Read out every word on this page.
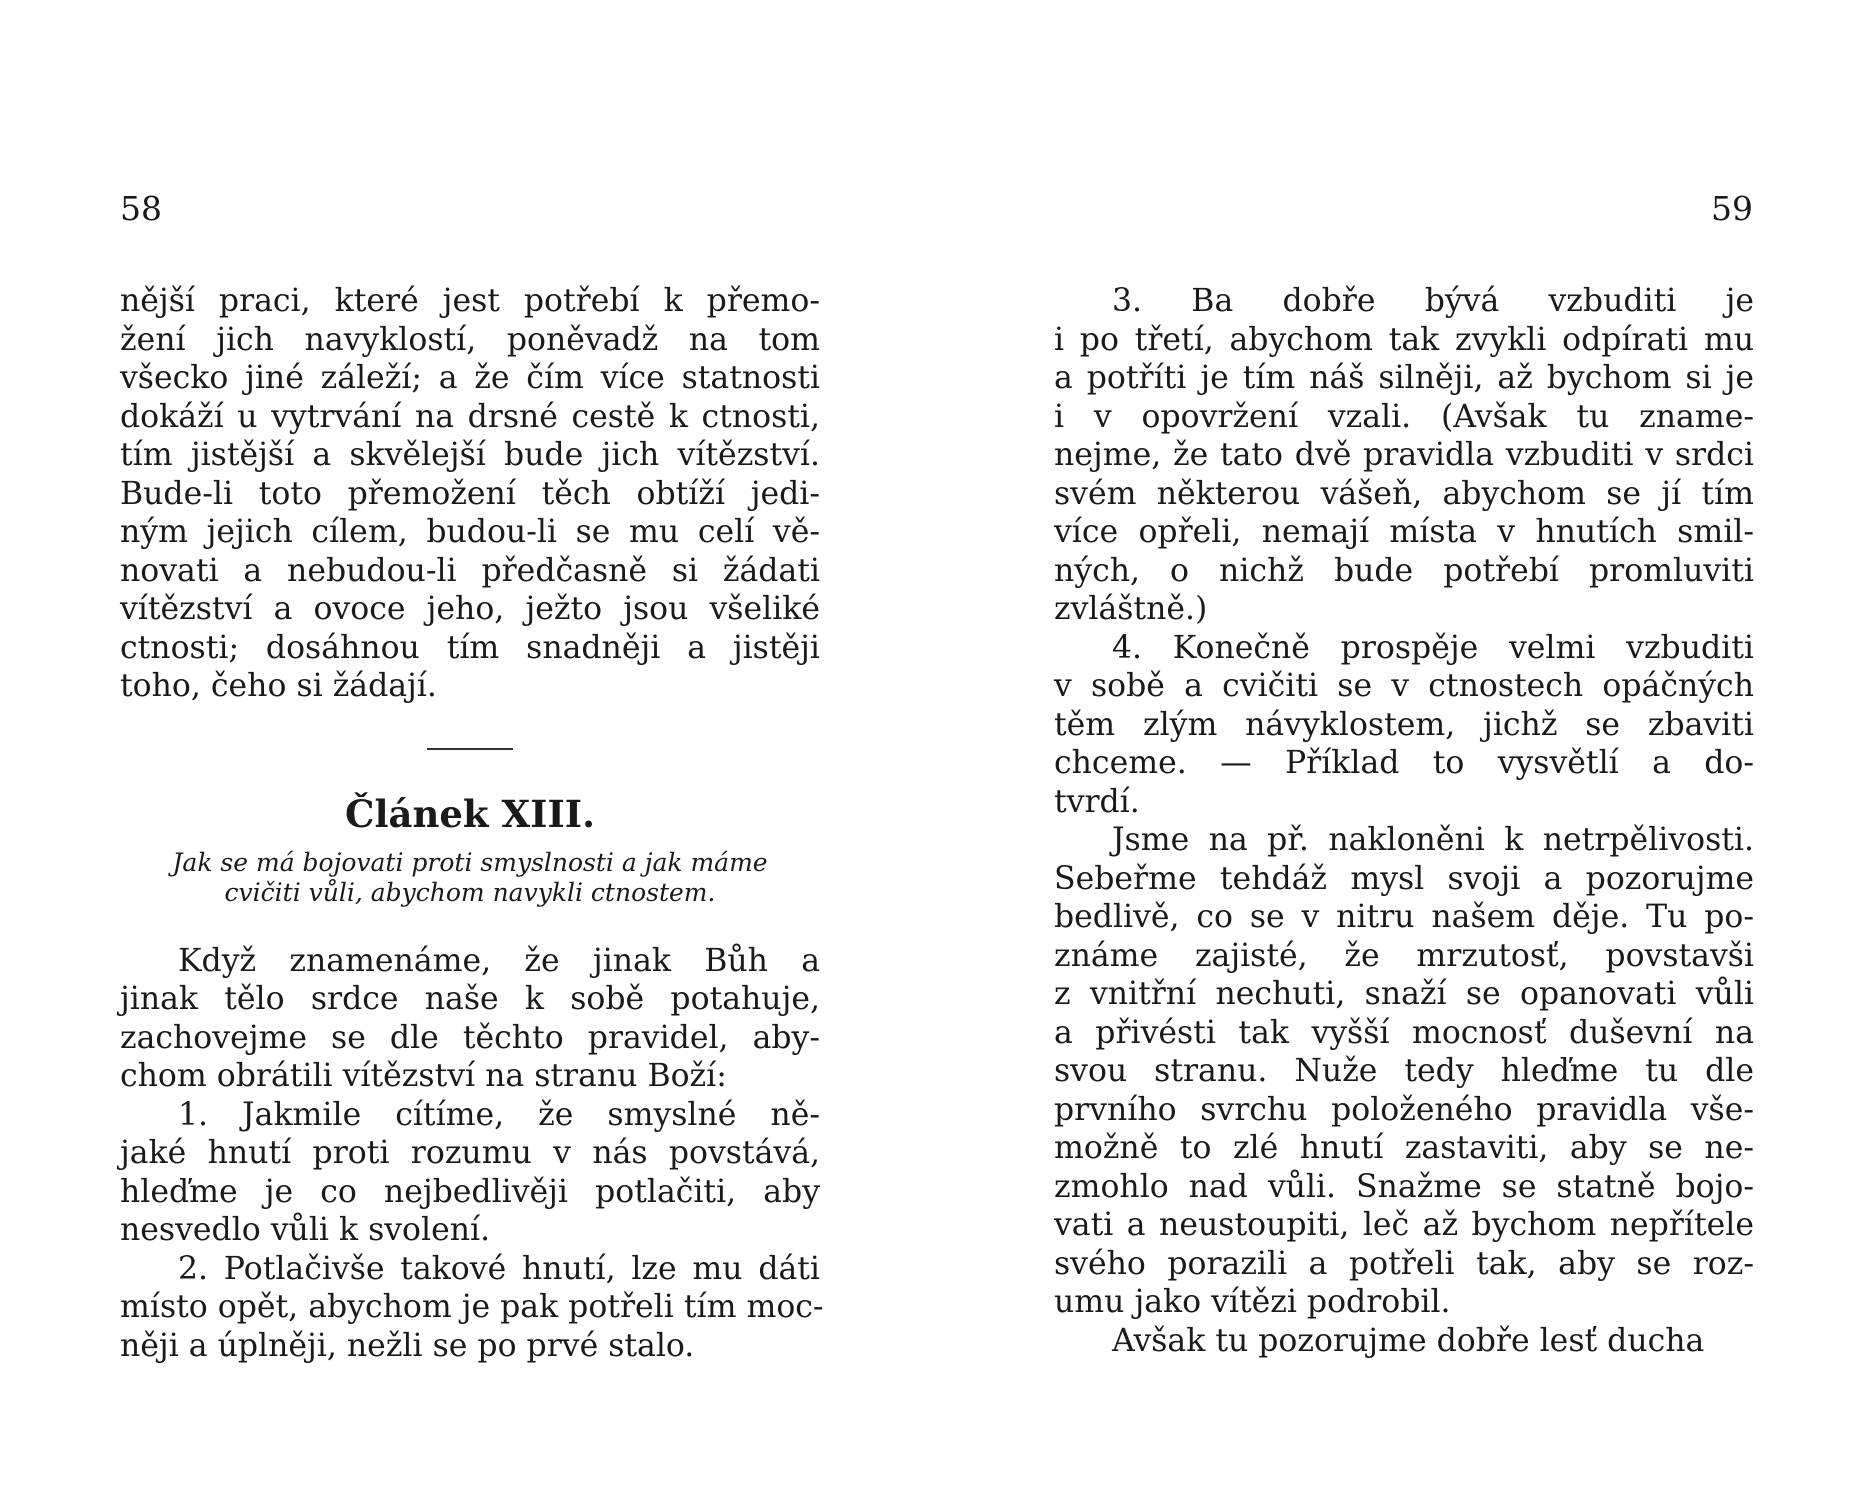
58
nější praci, které jest potřebí k přemo-
žení jich navyklostí, poněvadž na tom
všecko jiné záleží; a že čím více statnosti
dokáží u vytrvání na drsné cestě k ctnosti,
tím jistější a skvělejší bude jich vítězství.
Bude-li toto přemožení těch obtíží jedi-
ným jejich cílem, budou-li se mu celí vě-
novati a nebudou-li předčasně si žádati
vítězství a ovoce jeho, ježto jsou všeliké
ctnosti; dosáhnou tím snadněji a jistěji
toho, čeho si žádají.
Článek XIII.
Jak se má bojovati proti smyslnosti a jak máme
cvičiti vůli, abychom navykli ctnostem.
Když znamenáme, že jinak Bůh a
jinak tělo srdce naše k sobě potahuje,
zachovejme se dle těchto pravidel, aby-
chom obrátili vítězství na stranu Boží:
1. Jakmile cítíme, že smyslné ně-
jaké hnutí proti rozumu v nás povstává,
hleďme je co nejbedlivěji potlačiti, aby
nesvedlo vůli k svolení.
2. Potlačivše takové hnutí, lze mu dáti
místo opět, abychom je pak potřeli tím moc-
něji a úplněji, nežli se po prvé stalo.
59
3. Ba dobře bývá vzbuditi je
i po třetí, abychom tak zvykli odpírati mu
a potříti je tím náš silněji, až bychom si je
i v opovržení vzali. (Avšak tu zname-
nejme, že tato dvě pravidla vzbuditi v srdci
svém některou vášeň, abychom se jí tím
více opřeli, nemají místa v hnutích smil-
ných, o nichž bude potřebí promluviti
zvláštně.)
4. Konečně prospěje velmi vzbuditi
v sobě a cvičiti se v ctnostech opáčných
těm zlým návyklostem, jichž se zbaviti
chceme. — Příklad to vysvětlí a do-
tvrdí.
Jsme na př. nakloněni k netrpělivosti.
Sebeřme tehdáž mysl svoji a pozorujme
bedlivě, co se v nitru našem děje. Tu po-
známe zajisté, že mrzutosť, povstavši
z vnitřní nechuti, snaží se opanovati vůli
a přivésti tak vyšší mocnosť duševní na
svou stranu. Nuže tedy hleďme tu dle
prvního svrchu položeného pravidla vše-
možně to zlé hnutí zastaviti, aby se ne-
zmohlo nad vůli. Snažme se statně bojo-
vati a neustoupiti, leč až bychom nepřítele
svého porazili a potřeli tak, aby se roz-
umu jako vítězi podrobil.
Avšak tu pozorujme dobře lesť ducha
